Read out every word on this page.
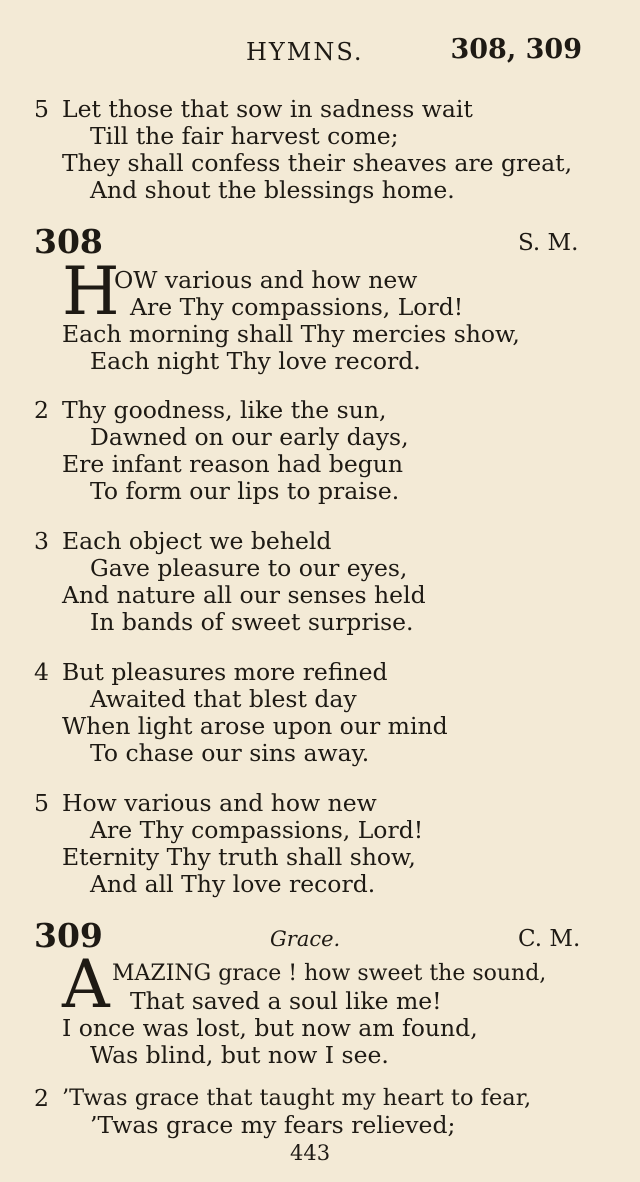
HYMNS.	308, 309
5 Let those that sow in sadness wait
Till the fair harvest come;
They shall confess their sheaves are great,
And shout the blessings home.
308	S. M.
H
OW various and how new
Are Thy compassions, Lord!
Each morning shall Thy mercies show,
Each night Thy love record.
2 Thy goodness, like the sun,
Dawned on our early days,
Ere infant reason had begun
To form our lips to praise.
3 Each object we beheld
Gave pleasure to our eyes,
And nature all our senses held
In bands of sweet surprise.
4 But pleasures more refined
Awaited that blest day
When light arose upon our mind
To chase our sins away.
5 How various and how new
Are Thy compassions, Lord!
Eternity Thy truth shall show,
And all Thy love record.
309	Grace.	C. M.
A MAZING grace ! how sweet the sound,
That saved a soul like me!
I once was lost, but now am found,
Was blind, but now I see.
2 ’Twas grace that taught my heart to fear,
’Twas grace my fears relieved;
443
